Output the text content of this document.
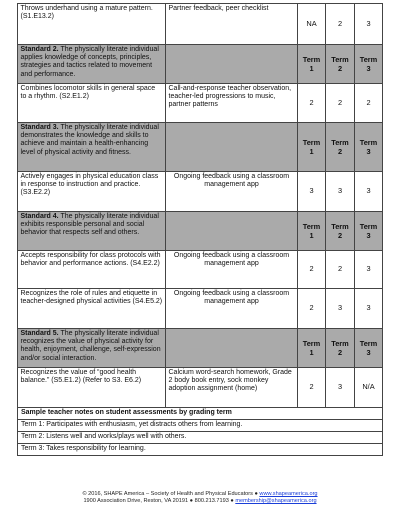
Throws underhand using a mature pattern. (S1.E13.2)	Partner feedback, peer checklist	NA	2	3
Standard 2. The physically literate individual applies knowledge of concepts, principles, strategies and tactics related to movement and performance.		Term 1	Term 2	Term 3
Combines locomotor skills in general space to a rhythm. (S2.E1.2)	Call-and-response teacher observation, teacher-led progressions to music, partner patterns	2	2	2
Standard 3. The physically literate individual demonstrates the knowledge and skills to achieve and maintain a health-enhancing level of physical activity and fitness.		Term 1	Term 2	Term 3
Actively engages in physical education class in response to instruction and practice. (S3.E2.2)	Ongoing feedback using a classroom management app	3	3	3
Standard 4. The physically literate individual exhibits responsible personal and social behavior that respects self and others.		Term 1	Term 2	Term 3
Accepts responsibility for class protocols with behavior and performance actions. (S4.E2.2)	Ongoing feedback using a classroom management app	2	2	3
Recognizes the role of rules and etiquette in teacher-designed physical activities (S4.E5.2)	Ongoing feedback using a classroom management app	2	3	3
Standard 5. The physically literate individual recognizes the value of physical activity for health, enjoyment, challenge, self-expression and/or social interaction.		Term 1	Term 2	Term 3
Recognizes the value of “good health balance.” (S5.E1.2) (Refer to S3. E6.2)	Calcium word-search homework, Grade 2 body book entry, sock monkey adoption assignment (home)	2	3	N/A
Sample teacher notes on student assessments by grading term				
Term 1: Participates with enthusiasm, yet distracts others from learning.				
Term 2: Listens well and works/plays well with others.				
Term 3: Takes responsibility for learning.				
© 2016, SHAPE America – Society of Health and Physical Educators ● www.shapeamerica.org
1900 Association Drive, Reston, VA 20191 ● 800.213.7193 ● membership@shapeamerica.org
